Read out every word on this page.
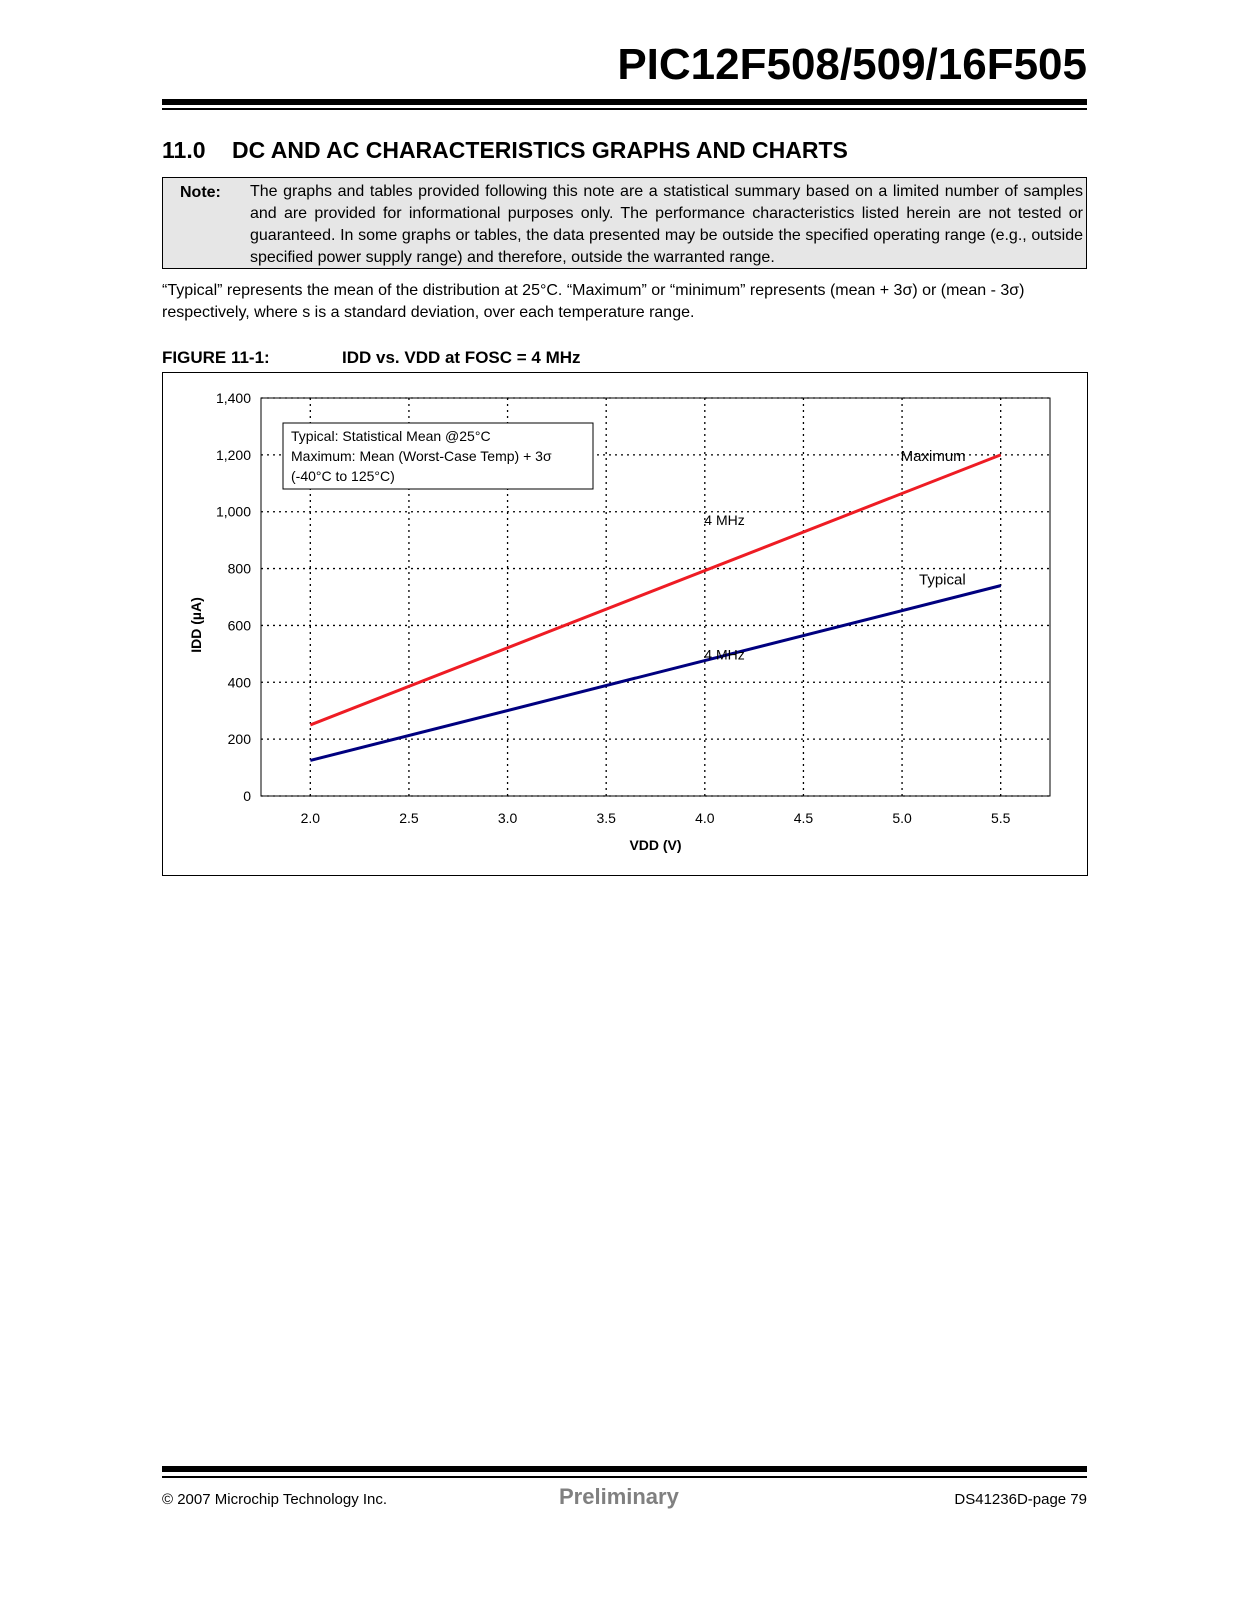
PIC12F508/509/16F505
11.0 DC AND AC CHARACTERISTICS GRAPHS AND CHARTS
Note: The graphs and tables provided following this note are a statistical summary based on a limited number of samples and are provided for informational purposes only. The performance characteristics listed herein are not tested or guaranteed. In some graphs or tables, the data presented may be outside the specified operating range (e.g., outside specified power supply range) and therefore, outside the warranted range.
“Typical” represents the mean of the distribution at 25°C. “Maximum” or “minimum” represents (mean + 3σ) or (mean - 3σ) respectively, where s is a standard deviation, over each temperature range.
FIGURE 11-1:	IDD vs. VDD at FOSC = 4 MHz
0
200
400
600
800
1,000
1,200
1,400
2.0	2.5	3.0	3.5	4.0	4.5	5.0	5.5
VDD (V)
IDD (µA)
Maximum
4 MHz
Typical
4 MHz
Typical: Statistical Mean @25°C
Maximum: Mean (Worst-Case Temp) + 3σ
(-40°C to 125°C)
© 2007 Microchip Technology Inc.	Preliminary	DS41236D-page 79
